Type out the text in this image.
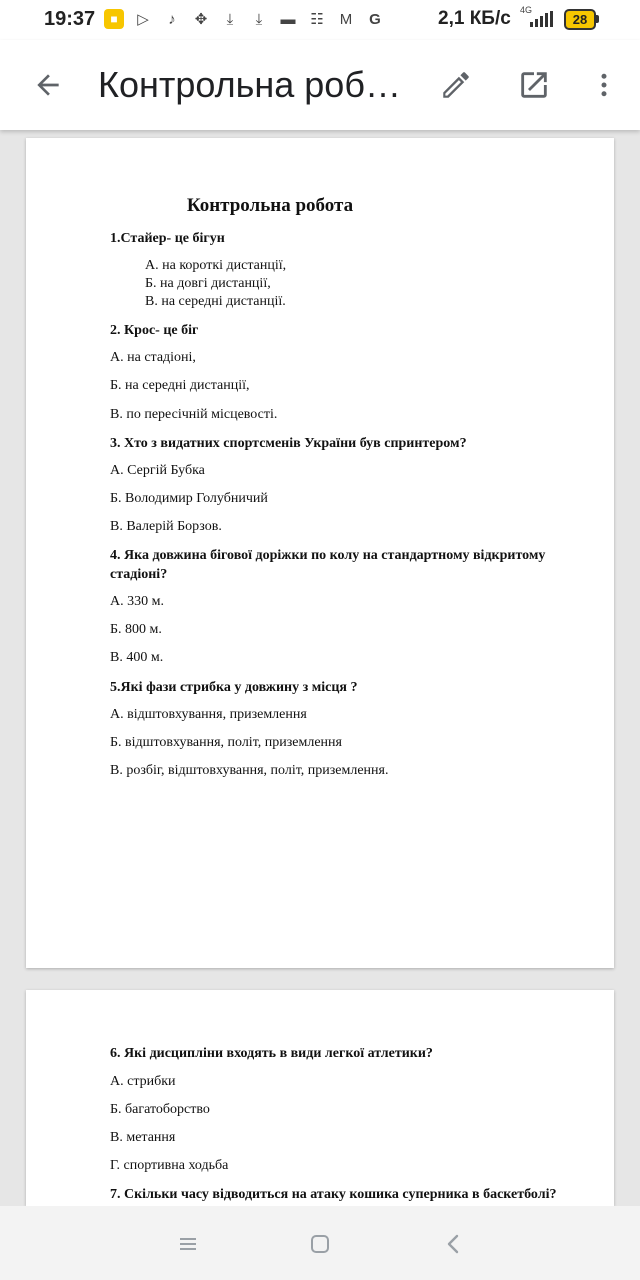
19:37	■	▷	♪	✥	⤓	⤓	▬ ☷ M G	2,1 КБ/с 4G
28
Контрольна роб…
Контрольна робота
1.Стайер- це бігун
А. на короткі дистанції,
Б. на довгі дистанції,
В. на середні дистанції.
2. Крос- це біг
А. на стадіоні,
Б. на середні дистанції,
В. по пересічній місцевості.
3. Хто з видатних спортсменів України був спринтером?
А. Сергій Бубка
Б. Володимир Голубничий
В. Валерій Борзов.
4. Яка довжина бігової доріжки по колу на стандартному відкритому
стадіоні?
А. 330 м.
Б. 800 м.
В. 400 м.
5.Які фази стрибка у довжину з місця ?
А. відштовхування, приземлення
Б. відштовхування, політ, приземлення
В. розбіг, відштовхування, політ, приземлення.
6. Які дисципліни входять в види легкої атлетики?
А. стрибки
Б. багатоборство
В. метання
Г. спортивна ходьба
7. Скільки часу відводиться на атаку кошика суперника в баскетболі?
